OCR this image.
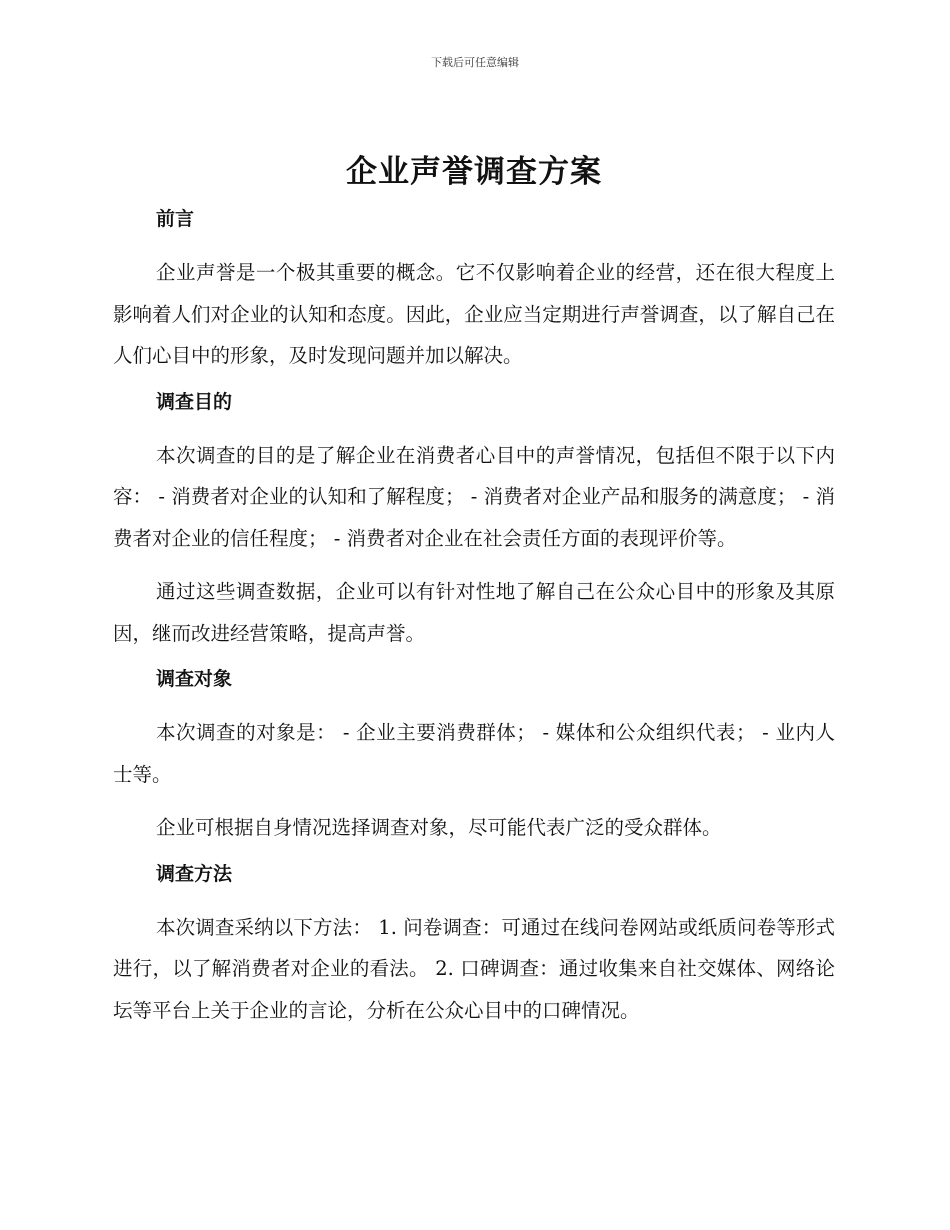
下载后可任意编辑
企业声誉调查方案
前言

企业声誉是一个极其重要的概念。它不仅影响着企业的经营，还在很大程度上影响着人们对企业的认知和态度。因此，企业应当定期进行声誉调查，以了解自己在人们心目中的形象，及时发现问题并加以解决。

调查目的

本次调查的目的是了解企业在消费者心目中的声誉情况，包括但不限于以下内容： - 消费者对企业的认知和了解程度； - 消费者对企业产品和服务的满意度； - 消费者对企业的信任程度； - 消费者对企业在社会责任方面的表现评价等。

通过这些调查数据，企业可以有针对性地了解自己在公众心目中的形象及其原因，继而改进经营策略，提高声誉。

调查对象

本次调查的对象是： - 企业主要消费群体； - 媒体和公众组织代表； - 业内人士等。

企业可根据自身情况选择调查对象，尽可能代表广泛的受众群体。

调查方法

本次调查采纳以下方法： 1. 问卷调查：可通过在线问卷网站或纸质问卷等形式进行，以了解消费者对企业的看法。 2. 口碑调查：通过收集来自社交媒体、网络论坛等平台上关于企业的言论，分析在公众心目中的口碑情况。
